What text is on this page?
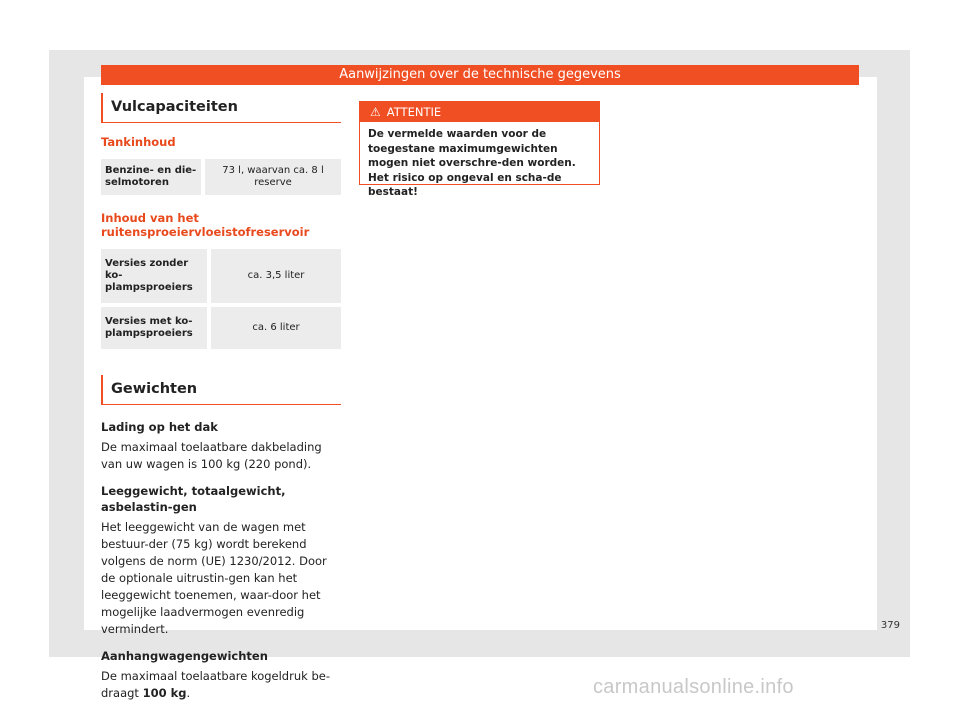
Aanwijzingen over de technische gegevens
Vulcapaciteiten
Tankinhoud
Benzine- en die-
selmotoren	73 l, waarvan ca. 8 l reserve
Inhoud van het ruitensproeiervloeistofreservoir
Versies zonder ko-
plampsproeiers	ca. 3,5 liter
Versies met ko-
plampsproeiers	ca. 6 liter
Gewichten
Lading op het dak

De maximaal toelaatbare dakbelading van uw wagen is 100 kg (220 pond).

Leeggewicht, totaalgewicht, asbelastin-gen

Het leeggewicht van de wagen met bestuur-der (75 kg) wordt berekend volgens de norm (UE) 1230/2012. Door de optionale uitrustin-gen kan het leeggewicht toenemen, waar-door het mogelijke laadvermogen evenredig vermindert.

Aanhangwagengewichten

De maximaal toelaatbare kogeldruk be-draagt 100 kg.

⚠ ATTENTIE
De vermelde waarden voor de toegestane maximumgewichten mogen niet overschre-den worden. Het risico op ongeval en scha-de bestaat!
379
carmanualsonline.info
